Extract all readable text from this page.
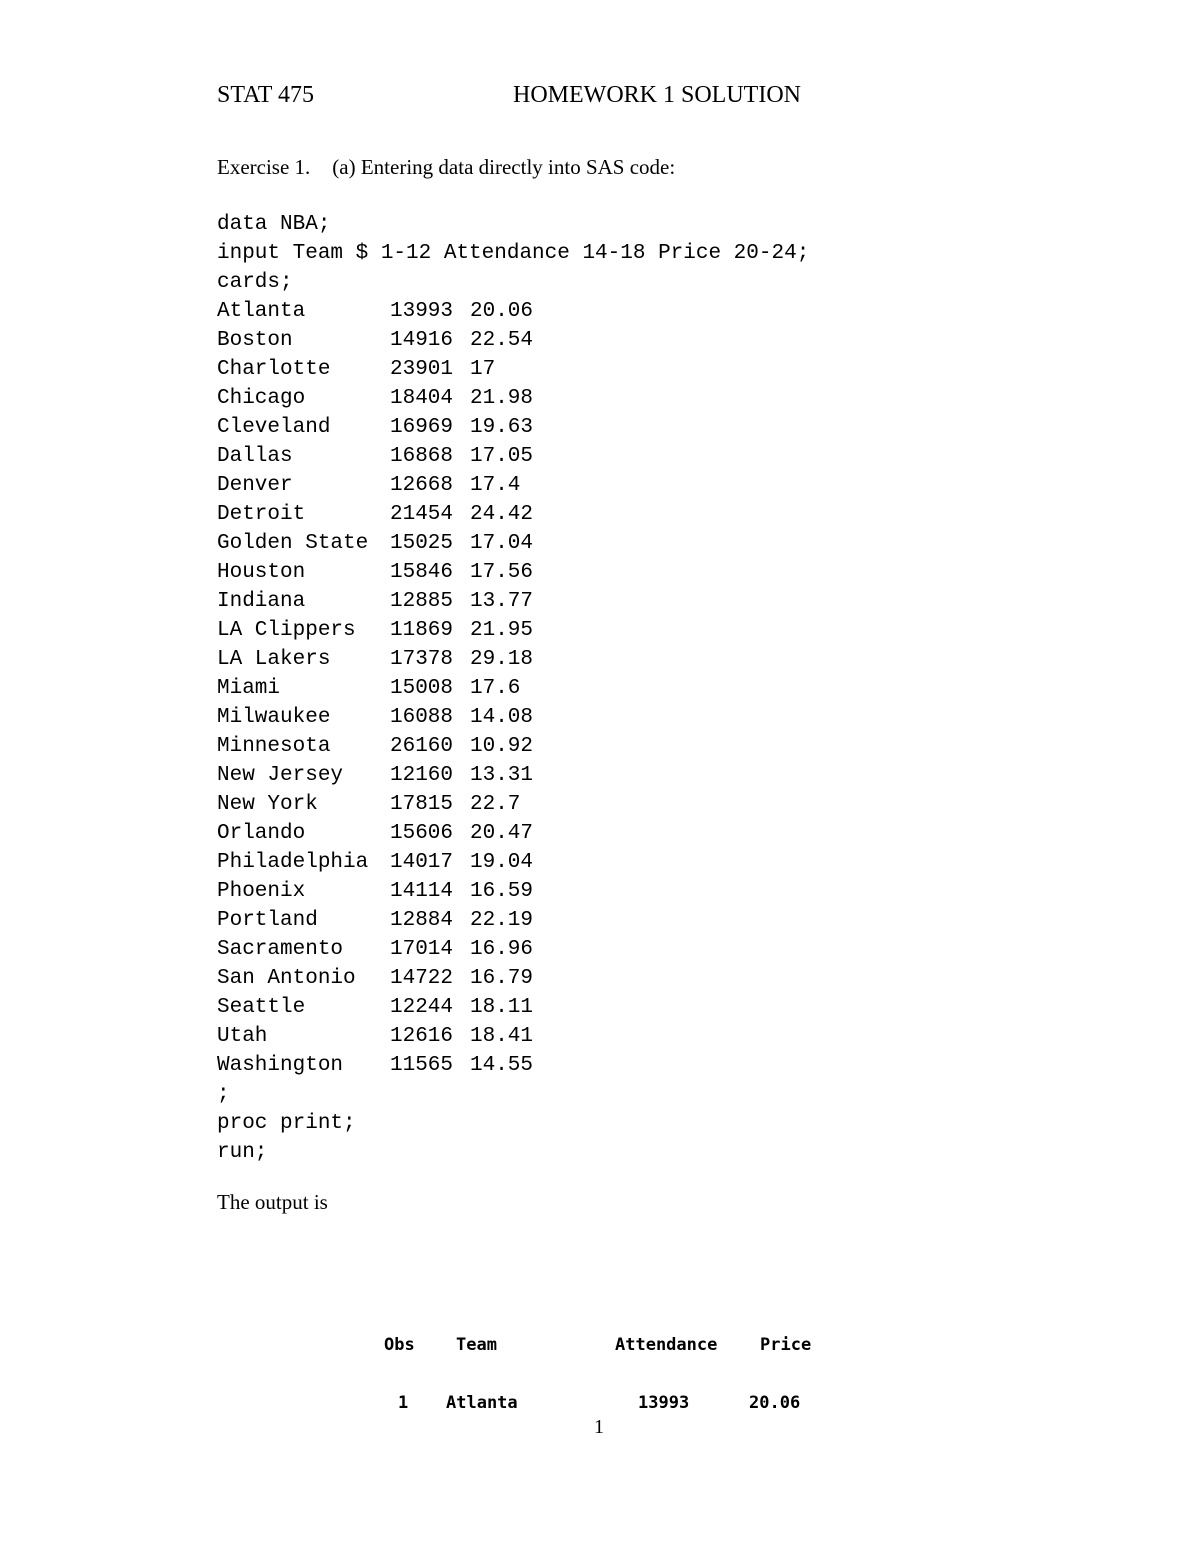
STAT 475	HOMEWORK 1 SOLUTION
Exercise 1. (a) Entering data directly into SAS code:
data NBA;
input Team $ 1-12 Attendance 14-18 Price 20-24;
cards;
Atlanta	13993 20.06
Boston	14916 22.54
Charlotte	23901 17
Chicago	18404 21.98
Cleveland	16969 19.63
Dallas	16868 17.05
Denver	12668 17.4
Detroit	21454 24.42
Golden State 15025 17.04
Houston	15846 17.56
Indiana	12885 13.77
LA Clippers 11869 21.95
LA Lakers	17378 29.18
Miami	15008 17.6
Milwaukee	16088 14.08
Minnesota	26160 10.92
New Jersey 12160 13.31
New York	17815 22.7
Orlando	15606 20.47
Philadelphia 14017 19.04
Phoenix	14114 16.59
Portland	12884 22.19
Sacramento 17014 16.96
San Antonio 14722 16.79
Seattle	12244 18.11
Utah	12616 18.41
Washington 11565 14.55
;
proc print;
run;
The output is
Obs Team	Attendance	Price
1 Atlanta	13993	20.06
1
